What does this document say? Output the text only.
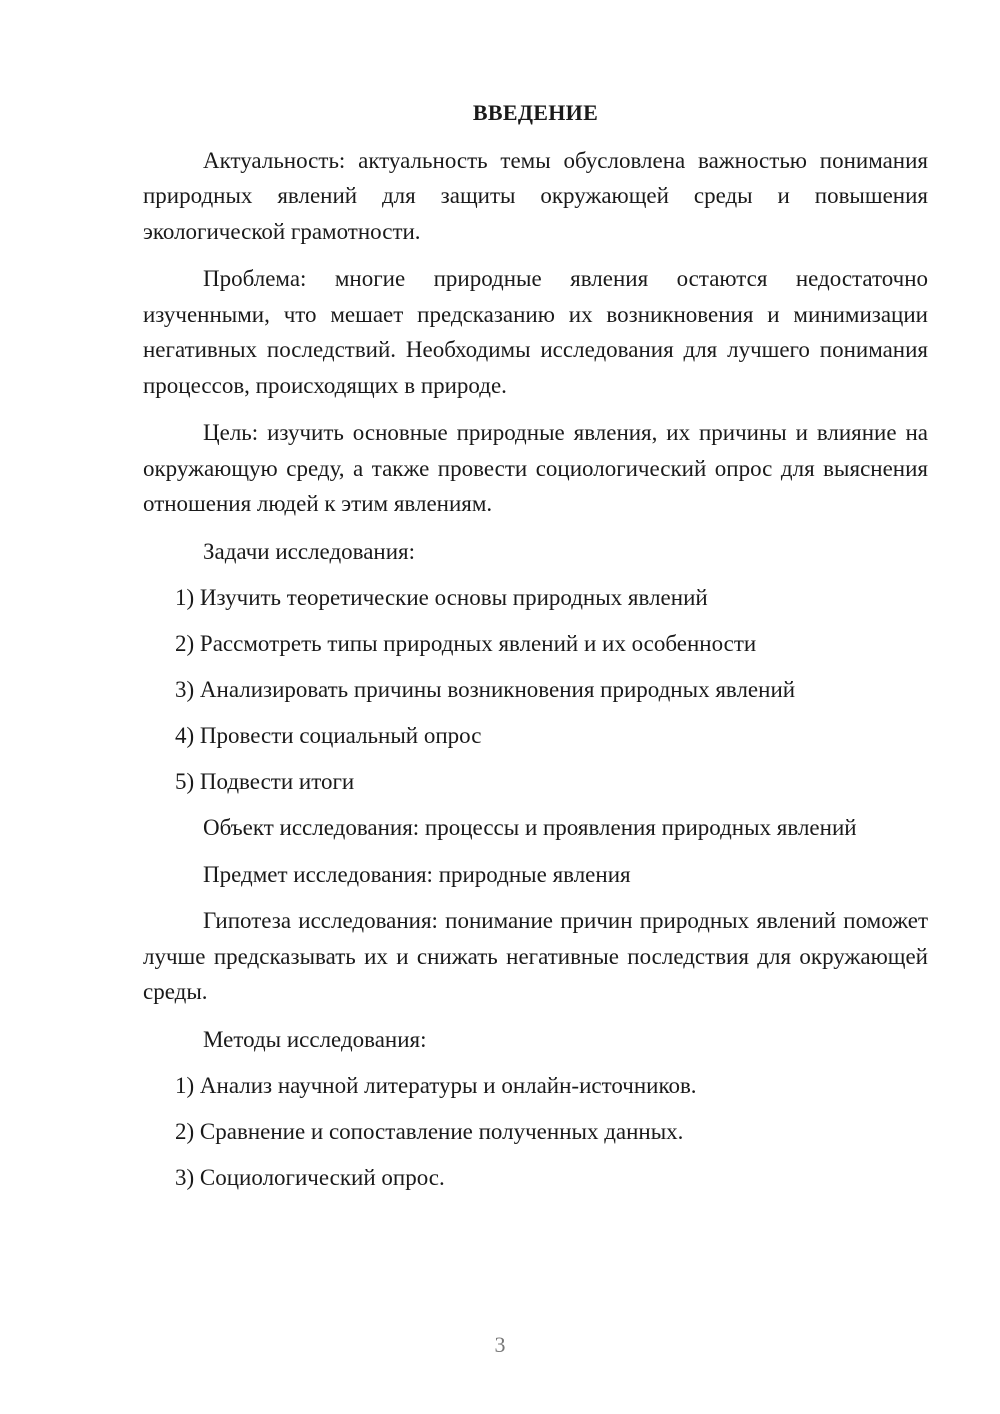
ВВЕДЕНИЕ

Актуальность: актуальность темы обусловлена важностью понимания природных явлений для защиты окружающей среды и повышения экологической грамотности.

Проблема: многие природные явления остаются недостаточно изученными, что мешает предсказанию их возникновения и минимизации негативных последствий. Необходимы исследования для лучшего понимания процессов, происходящих в природе.

Цель: изучить основные природные явления, их причины и влияние на окружающую среду, а также провести социологический опрос для выяснения отношения людей к этим явлениям.

Задачи исследования:

1) Изучить теоретические основы природных явлений
2) Рассмотреть типы природных явлений и их особенности
3) Анализировать причины возникновения природных явлений
4) Провести социальный опрос
5) Подвести итоги

Объект исследования: процессы и проявления природных явлений

Предмет исследования: природные явления

Гипотеза исследования: понимание причин природных явлений поможет лучше предсказывать их и снижать негативные последствия для окружающей среды.

Методы исследования:

1) Анализ научной литературы и онлайн-источников.
2) Сравнение и сопоставление полученных данных.
3) Социологический опрос.
3
